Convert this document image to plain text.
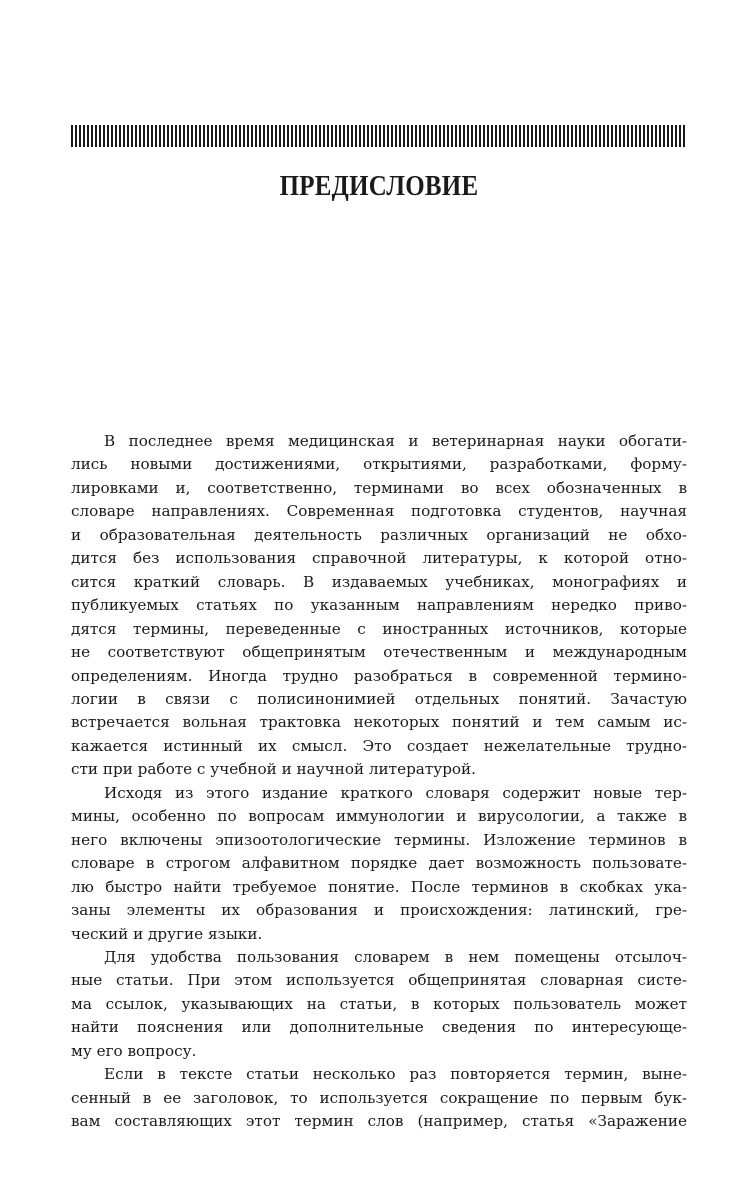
ПРЕДИСЛОВИЕ

В последнее время медицинская и ветеринарная науки обогати-
лись новыми достижениями, открытиями, разработками, форму-
лировками и, соответственно, терминами во всех обозначенных в
словаре направлениях. Современная подготовка студентов, научная
и образовательная деятельность различных организаций не обхо-
дится без использования справочной литературы, к которой отно-
сится краткий словарь. В издаваемых учебниках, монографиях и
публикуемых статьях по указанным направлениям нередко приво-
дятся термины, переведенные с иностранных источников, которые
не соответствуют общепринятым отечественным и международным
определениям. Иногда трудно разобраться в современной термино-
логии в связи с полисинонимией отдельных понятий. Зачастую
встречается вольная трактовка некоторых понятий и тем самым ис-
кажается истинный их смысл. Это создает нежелательные трудно-
сти при работе с учебной и научной литературой.

Исходя из этого издание краткого словаря содержит новые тер-
мины, особенно по вопросам иммунологии и вирусологии, а также в
него включены эпизоотологические термины. Изложение терминов в
словаре в строгом алфавитном порядке дает возможность пользовате-
лю быстро найти требуемое понятие. После терминов в скобках ука-
заны элементы их образования и происхождения: латинский, гре-
ческий и другие языки.

Для удобства пользования словарем в нем помещены отсылоч-
ные статьи. При этом используется общепринятая словарная систе-
ма ссылок, указывающих на статьи, в которых пользователь может
найти пояснения или дополнительные сведения по интересующе-
му его вопросу.

Если в тексте статьи несколько раз повторяется термин, выне-
сенный в ее заголовок, то используется сокращение по первым бук-
вам составляющих этот термин слов (например, статья «Заражение
